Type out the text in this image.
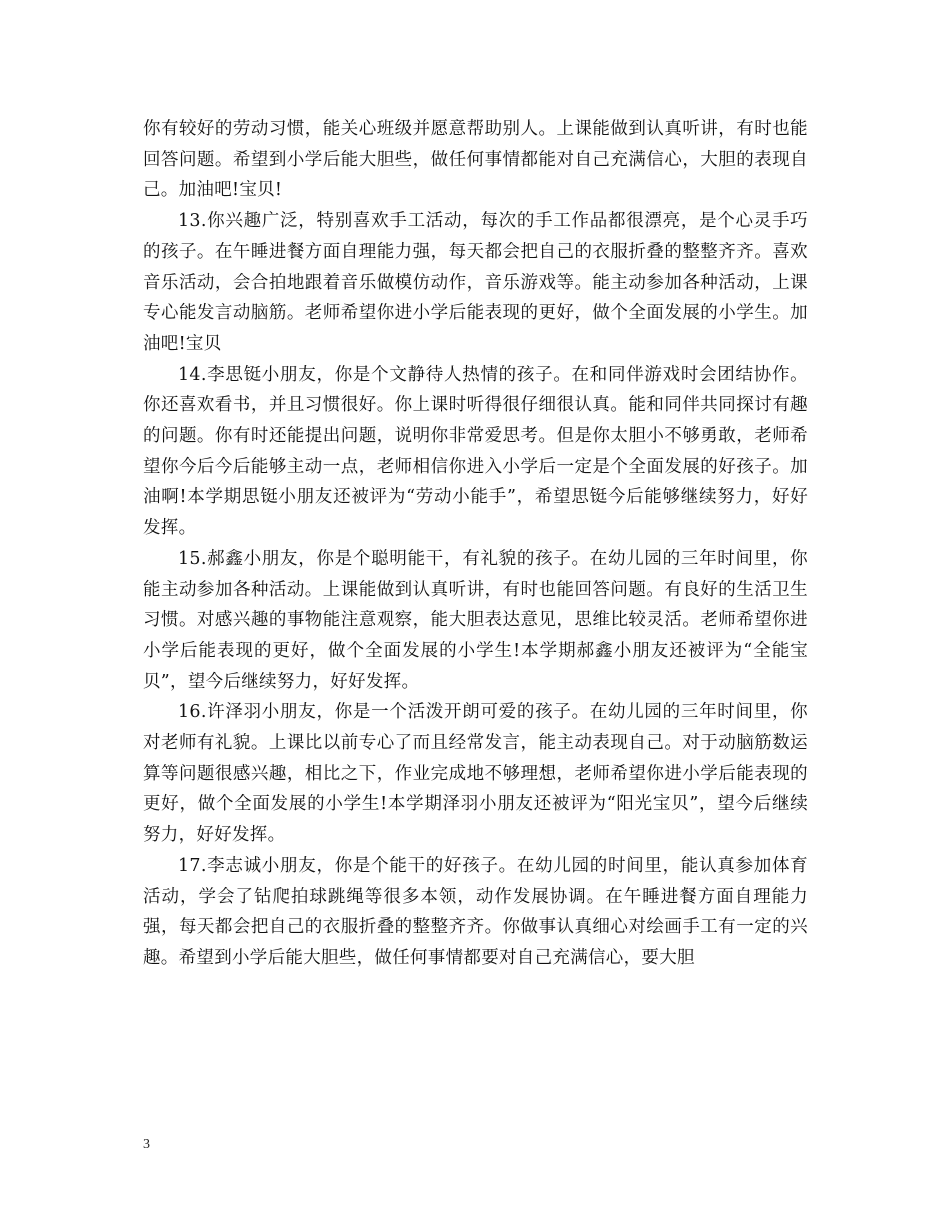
你有较好的劳动习惯，能关心班级并愿意帮助别人。上课能做到认真听讲，有时也能回答问题。希望到小学后能大胆些，做任何事情都能对自己充满信心，大胆的表现自己。加油吧!宝贝!

13.你兴趣广泛，特别喜欢手工活动，每次的手工作品都很漂亮，是个心灵手巧的孩子。在午睡进餐方面自理能力强，每天都会把自己的衣服折叠的整整齐齐。喜欢音乐活动，会合拍地跟着音乐做模仿动作，音乐游戏等。能主动参加各种活动，上课专心能发言动脑筋。老师希望你进小学后能表现的更好，做个全面发展的小学生。加油吧!宝贝

14.李思铤小朋友，你是个文静待人热情的孩子。在和同伴游戏时会团结协作。你还喜欢看书，并且习惯很好。你上课时听得很仔细很认真。能和同伴共同探讨有趣的问题。你有时还能提出问题，说明你非常爱思考。但是你太胆小不够勇敢，老师希望你今后今后能够主动一点，老师相信你进入小学后一定是个全面发展的好孩子。加油啊!本学期思铤小朋友还被评为“劳动小能手”，希望思铤今后能够继续努力，好好发挥。

15.郝鑫小朋友，你是个聪明能干，有礼貌的孩子。在幼儿园的三年时间里，你能主动参加各种活动。上课能做到认真听讲，有时也能回答问题。有良好的生活卫生习惯。对感兴趣的事物能注意观察，能大胆表达意见，思维比较灵活。老师希望你进小学后能表现的更好，做个全面发展的小学生!本学期郝鑫小朋友还被评为“全能宝贝”，望今后继续努力，好好发挥。

16.许泽羽小朋友，你是一个活泼开朗可爱的孩子。在幼儿园的三年时间里，你对老师有礼貌。上课比以前专心了而且经常发言，能主动表现自己。对于动脑筋数运算等问题很感兴趣，相比之下，作业完成地不够理想，老师希望你进小学后能表现的更好，做个全面发展的小学生!本学期泽羽小朋友还被评为“阳光宝贝”，望今后继续努力，好好发挥。

17.李志诚小朋友，你是个能干的好孩子。在幼儿园的时间里，能认真参加体育活动，学会了钻爬拍球跳绳等很多本领，动作发展协调。在午睡进餐方面自理能力强，每天都会把自己的衣服折叠的整整齐齐。你做事认真细心对绘画手工有一定的兴趣。希望到小学后能大胆些，做任何事情都要对自己充满信心，要大胆

3
